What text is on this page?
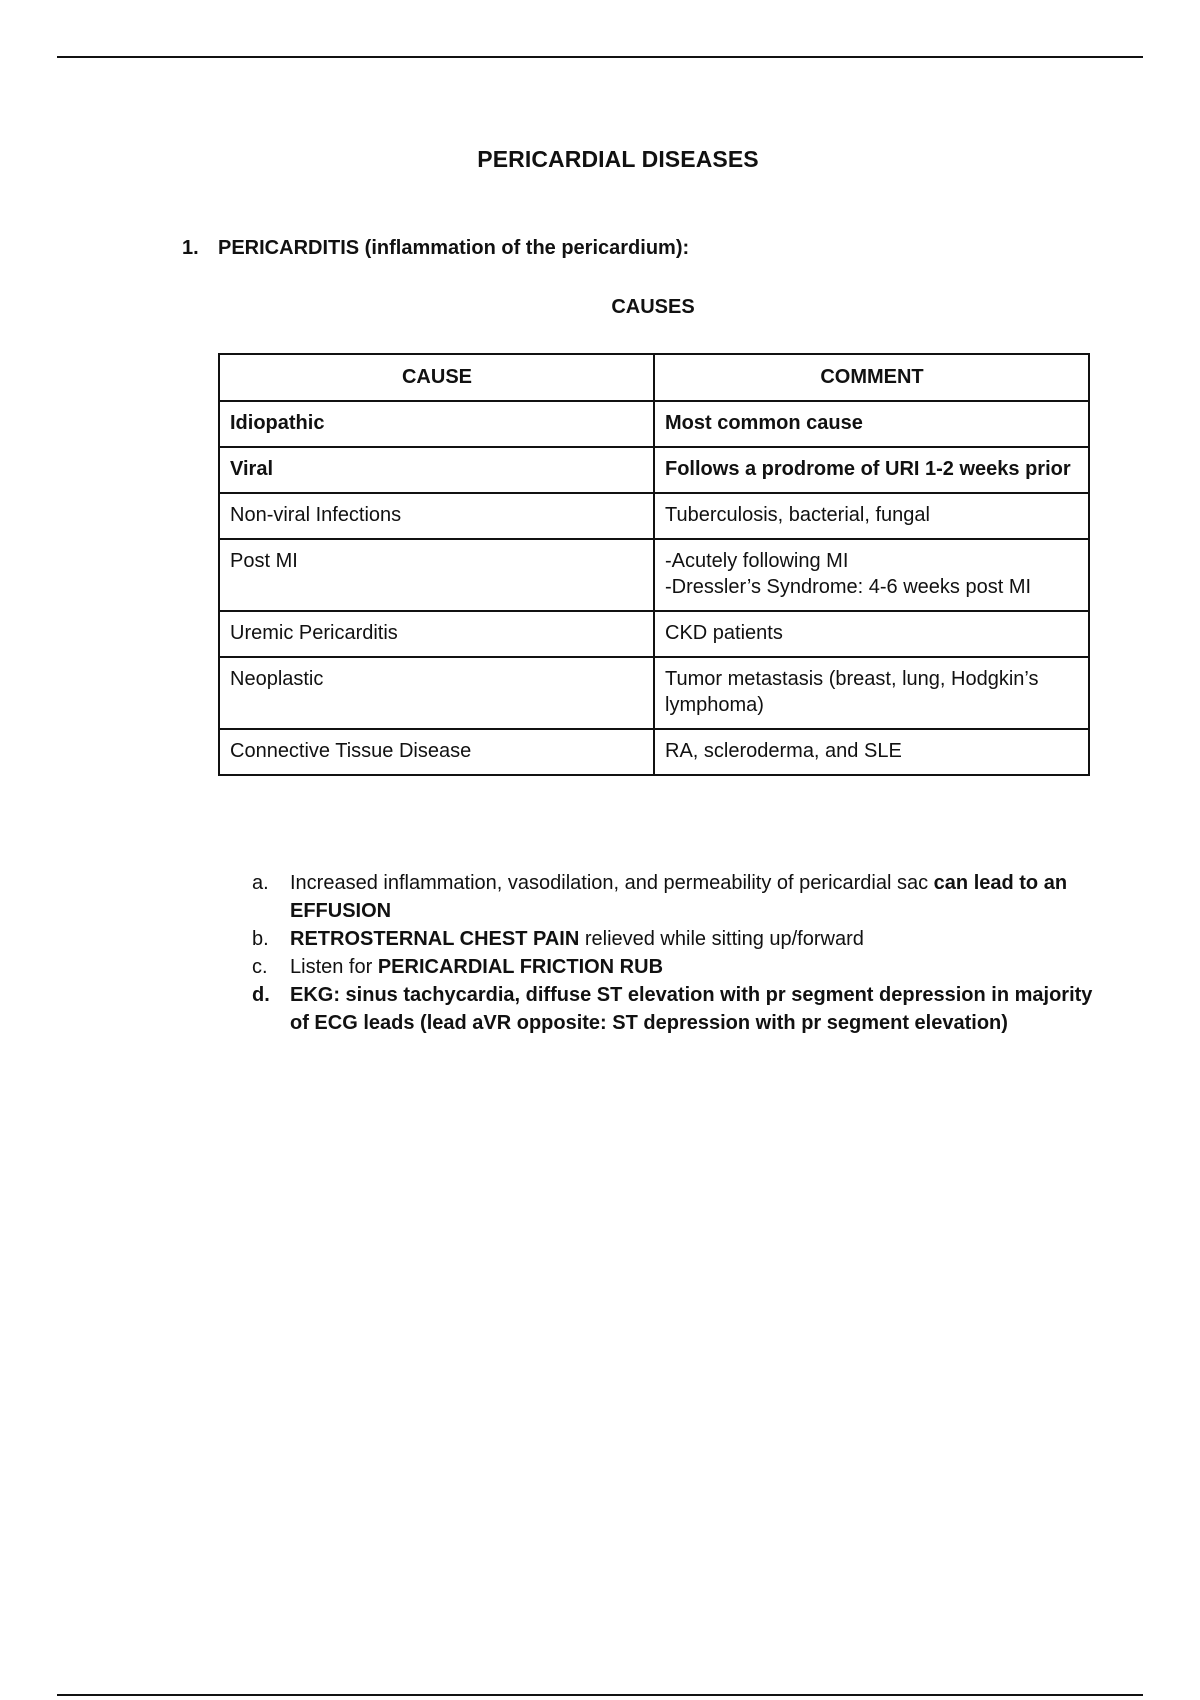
PERICARDIAL DISEASES
1. PERICARDITIS (inflammation of the pericardium):
CAUSES
CAUSE	COMMENT
Idiopathic	Most common cause

Viral	Follows a prodrome of URI 1-2 weeks prior

Non-viral Infections	Tuberculosis, bacterial, fungal

Post MI	-Acutely following MI
-Dressler’s Syndrome: 4-6 weeks post MI

Uremic Pericarditis	CKD patients

Neoplastic	Tumor metastasis (breast, lung, Hodgkin’s lymphoma)

Connective Tissue Disease	RA, scleroderma, and SLE
a. Increased inflammation, vasodilation, and permeability of pericardial sac can lead to an EFFUSION
b. RETROSTERNAL CHEST PAIN relieved while sitting up/forward
c. Listen for PERICARDIAL FRICTION RUB
d. EKG: sinus tachycardia, diffuse ST elevation with pr segment depression in majority of ECG leads (lead aVR opposite: ST depression with pr segment elevation)
